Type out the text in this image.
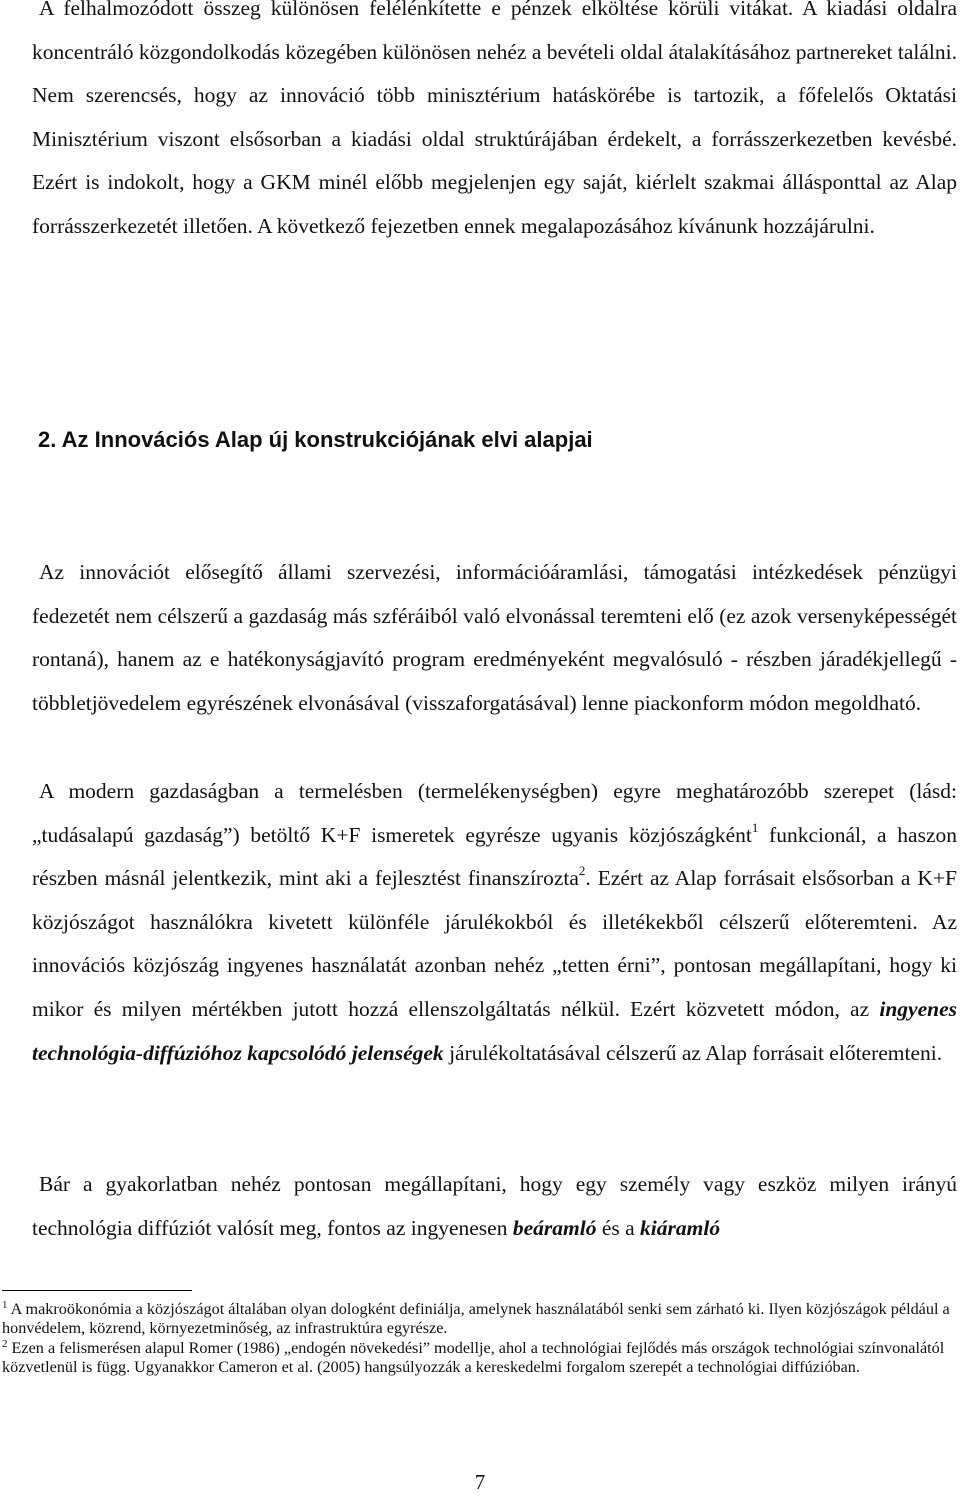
A felhalmozódott összeg különösen felélénkítette e pénzek elköltése körüli vitákat. A kiadási oldalra koncentráló közgondolkodás közegében különösen nehéz a bevételi oldal átalakításához partnereket találni. Nem szerencsés, hogy az innováció több minisztérium hatáskörébe is tartozik, a főfelelős Oktatási Minisztérium viszont elsősorban a kiadási oldal struktúrájában érdekelt, a forrásszerkezetben kevésbé. Ezért is indokolt, hogy a GKM minél előbb megjelenjen egy saját, kiérlelt szakmai állásponttal az Alap forrásszerkezetét illetően. A következő fejezetben ennek megalapozásához kívánunk hozzájárulni.

2. Az Innovációs Alap új konstrukciójának elvi alapjai

Az innovációt elősegítő állami szervezési, információáramlási, támogatási intézkedések pénzügyi fedezetét nem célszerű a gazdaság más szféráiból való elvonással teremteni elő (ez azok versenyképességét rontaná), hanem az e hatékonyságjavító program eredményeként megvalósuló - részben járadékjellegű -többletjövedelem egyrészének elvonásával (visszaforgatásával) lenne piackonform módon megoldható.

A modern gazdaságban a termelésben (termelékenységben) egyre meghatározóbb szerepet (lásd: „tudásalapú gazdaság”) betöltő K+F ismeretek egyrésze ugyanis közjószágként$^1$ funkcionál, a haszon részben másnál jelentkezik, mint aki a fejlesztést finanszírozta$^2$. Ezért az Alap forrásait elsősorban a K+F közjószágot használókra kivetett különféle járulékokból és illetékekből célszerű előteremteni. Az innovációs közjószág ingyenes használatát azonban nehéz „tetten érni”, pontosan megállapítani, hogy ki mikor és milyen mértékben jutott hozzá ellenszolgáltatás nélkül. Ezért közvetett módon, az ingyenes technológia-diffúzióhoz kapcsolódó jelenségek járulékoltatásával célszerű az Alap forrásait előteremteni.

Bár a gyakorlatban nehéz pontosan megállapítani, hogy egy személy vagy eszköz milyen irányú technológia diffúziót valósít meg, fontos az ingyenesen beáramló és a kiáramló

$^1$ A makroökonómia a közjószágot általában olyan dologként definiálja, amelynek használatából senki sem zárható ki. Ilyen közjószágok például a honvédelem, közrend, környezetminőség, az infrastruktúra egyrésze.

$^2$ Ezen a felismerésen alapul Romer (1986) „endogén növekedési” modellje, ahol a technológiai fejlődés más országok technológiai színvonalától közvetlenül is függ. Ugyanakkor Cameron et al. (2005) hangsúlyozzák a kereskedelmi forgalom szerepét a technológiai diffúzióban.

7
